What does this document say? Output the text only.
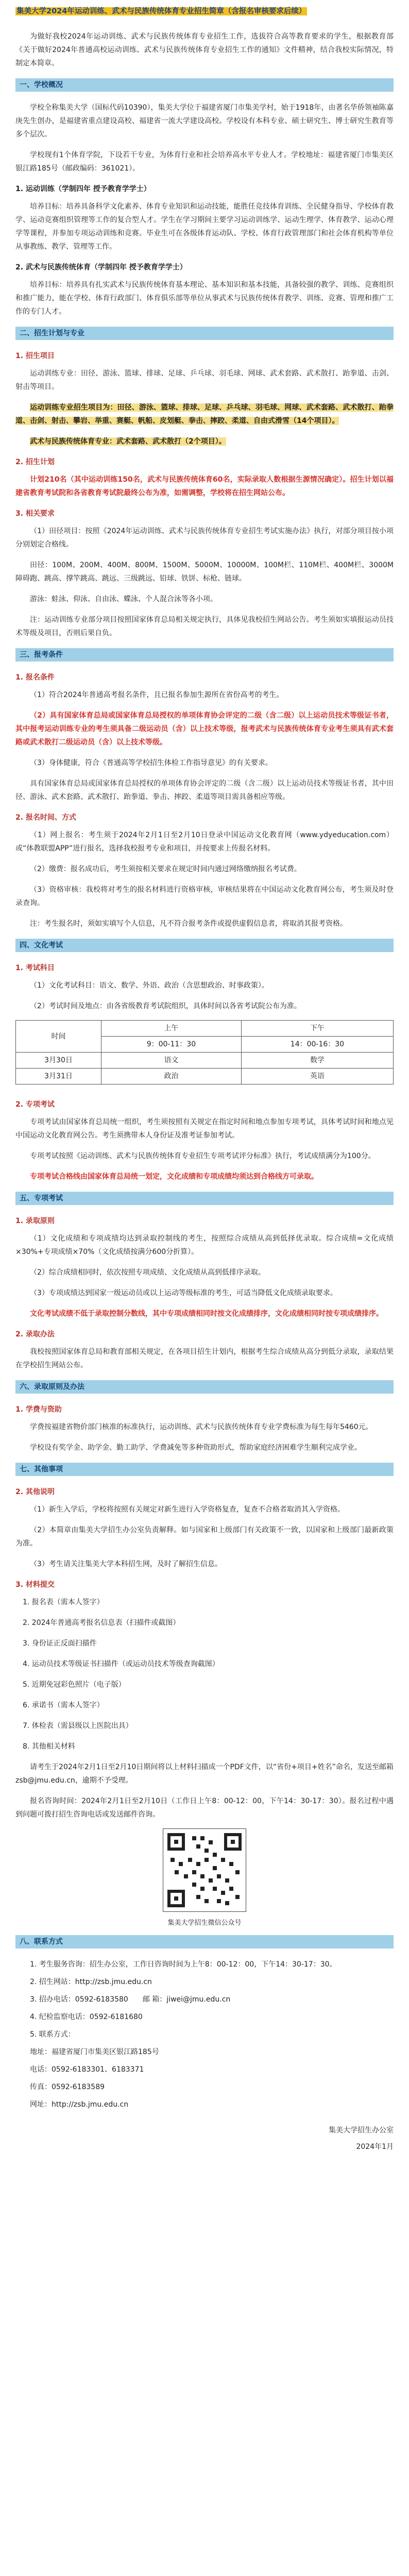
集美大学2024年运动训练、武术与民族传统体育专业招生简章（含报名审核要求后续）

为做好我校2024年运动训练、武术与民族传统体育专业招生工作，选拔符合高等教育要求的学生，根据教育部《关于做好2024年普通高校运动训练、武术与民族传统体育专业招生工作的通知》文件精神，结合我校实际情况，特制定本简章。

一、学校概况

学校全称集美大学（国标代码10390），集美大学位于福建省厦门市集美学村，始于1918年，由著名华侨领袖陈嘉庚先生创办，是福建省重点建设高校、福建省一流大学建设高校。学校设有本科专业、硕士研究生、博士研究生教育等多个层次。

学校现有1个体育学院，下设若干专业，为体育行业和社会培养高水平专业人才。学校地址：福建省厦门市集美区银江路185号（邮政编码：361021）。

1. 运动训练（学制四年 授予教育学学士）

培养目标：培养具备科学文化素养、体育专业知识和运动技能，能胜任竞技体育训练、全民健身指导、学校体育教学、运动竞赛组织管理等工作的复合型人才。学生在学习期间主要学习运动训练学、运动生理学、体育教学、运动心理学等课程，并参加专项运动训练和竞赛。毕业生可在各级体育运动队、学校、体育行政管理部门和社会体育机构等单位从事教练、教学、管理等工作。

2. 武术与民族传统体育（学制四年 授予教育学学士）

培养目标：培养具有扎实武术与民族传统体育基本理论、基本知识和基本技能，具备较强的教学、训练、竞赛组织和推广能力，能在学校、体育行政部门、体育俱乐部等单位从事武术与民族传统体育教学、训练、竞赛、管理和推广工作的专门人才。

二、招生计划与专业
1. 招生项目

运动训练专业：田径、游泳、篮球、排球、足球、乒乓球、羽毛球、网球、武术套路、武术散打、跆拳道、击剑、射击等项目。

运动训练专业招生项目为：田径、游泳、篮球、排球、足球、乒乓球、羽毛球、网球、武术套路、武术散打、跆拳道、击剑、射击、攀岩、举重、赛艇、帆船、皮划艇、拳击、摔跤、柔道、自由式滑雪（14个项目）。

武术与民族传统体育专业：武术套路、武术散打（2个项目）。

2. 招生计划

计划210名（其中运动训练150名，武术与民族传统体育60名，实际录取人数根据生源情况确定）。招生计划以福建省教育考试院和各省教育考试院最终公布为准，如需调整，学校将在招生网站公布。

3. 相关要求

（1）田径项目：按照《2024年运动训练、武术与民族传统体育专业招生考试实施办法》执行，对部分项目按小项分别划定合格线。

田径：100M、200M、400M、800M、1500M、5000M、10000M、100M栏、110M栏、400M栏、3000M障碍跑、跳高、撑竿跳高、跳远、三级跳远、铅球、铁饼、标枪、链球。

游泳：蛙泳、仰泳、自由泳、蝶泳、个人混合泳等各小项。

注：运动训练专业部分项目按照国家体育总局相关规定执行，具体见我校招生网站公告。考生须如实填报运动员技术等级及项目，否则后果自负。

三、报考条件
1. 报名条件

（1）符合2024年普通高考报名条件，且已报名参加生源所在省份高考的考生。

（2）具有国家体育总局或国家体育总局授权的单项体育协会评定的二级（含二级）以上运动员技术等级证书者，其中报考运动训练专业的考生须具备二级运动员（含）以上技术等级，报考武术与民族传统体育专业考生须具有武术套路或武术散打二级运动员（含）以上技术等级。

（3）身体健康，符合《普通高等学校招生体检工作指导意见》的有关要求。

具有国家体育总局或国家体育总局授权的单项体育协会评定的二级（含二级）以上运动员技术等级证书者，其中田径、游泳、武术套路、武术散打、跆拳道、拳击、摔跤、柔道等项目需具备相应等级。

2. 报名时间、方式

（1）网上报名：考生须于2024年2月1日至2月10日登录中国运动文化教育网（www.ydyeducation.com）或“体教联盟APP”进行报名，选择我校报考专业和项目，并按要求上传报名材料。

（2）缴费：报名成功后，考生须按相关要求在规定时间内通过网络缴纳报名考试费。

（3）资格审核：我校将对考生的报名材料进行资格审核，审核结果将在中国运动文化教育网公布，考生须及时登录查询。

注：考生报名时，须如实填写个人信息，凡不符合报考条件或提供虚假信息者，将取消其报考资格。

四、文化考试
1. 考试科目

（1）文化考试科目：语文、数学、外语、政治（含思想政治、时事政策）。

（2）考试时间及地点：由各省级教育考试院组织，具体时间以各省考试院公布为准。

时间	上午	下午
	9：00-11：30	14：00-16：30
3月30日	语文	数学
3月31日	政治	英语
2. 专项考试

专项考试由国家体育总局统一组织，考生须按照有关规定在指定时间和地点参加专项考试，具体考试时间和地点见中国运动文化教育网公告。考生须携带本人身份证及准考证参加考试。

专项考试按照《运动训练、武术与民族传统体育专业招生专项考试评分标准》执行，考试成绩满分为100分。

专项考试合格线由国家体育总局统一划定，文化成绩和专项成绩均须达到合格线方可录取。

五、专项考试
1. 录取原则

（1）文化成绩和专项成绩均达到录取控制线的考生，按照综合成绩从高到低择优录取。综合成绩=文化成绩×30%+专项成绩×70%（文化成绩按满分600分折算）。

（2）综合成绩相同时，依次按照专项成绩、文化成绩从高到低排序录取。

（3）专项成绩达到国家一级运动员或以上运动等级标准的考生，可适当降低文化成绩录取要求。

文化考试成绩不低于录取控制分数线，其中专项成绩相同时按文化成绩排序，文化成绩相同时按专项成绩排序。

2. 录取办法

我校按照国家体育总局和教育部相关规定，在各项目招生计划内，根据考生综合成绩从高分到低分录取，录取结果在学校招生网站公布。

六、录取原则及办法
1. 学费与资助

学费按福建省物价部门核准的标准执行，运动训练、武术与民族传统体育专业学费标准为每生每年5460元。

学校设有奖学金、助学金、勤工助学、学费减免等多种资助形式，帮助家庭经济困难学生顺利完成学业。

七、其他事项
2. 其他说明

（1）新生入学后，学校将按照有关规定对新生进行入学资格复查，复查不合格者取消其入学资格。

（2）本简章由集美大学招生办公室负责解释。如与国家和上级部门有关政策不一致，以国家和上级部门最新政策为准。

（3）考生请关注集美大学本科招生网，及时了解招生信息。

3. 材料提交

1. 报名表（需本人签字）

2. 2024年普通高考报名信息表（扫描件或截图）

3. 身份证正反面扫描件

4. 运动员技术等级证书扫描件（或运动员技术等级查询截图）

5. 近期免冠彩色照片（电子版）

6. 承诺书（需本人签字）

7. 体检表（需县级以上医院出具）

8. 其他相关材料

请考生于2024年2月1日至2月10日期间将以上材料扫描成一个PDF文件，以“省份+项目+姓名”命名，发送至邮箱zsb@jmu.edu.cn，逾期不予受理。

报名咨询时间：2024年2月1日至2月10日（工作日上午8：00-12：00，下午14：30-17：30）。报名过程中遇到问题可拨打招生咨询电话或发送邮件咨询。

集美大学招生微信公众号
八、联系方式

1. 考生服务咨询：招生办公室，工作日咨询时间为上午8：00-12：00，下午14：30-17：30。

2. 招生网站：http://zsb.jmu.edu.cn

3. 招办电话：0592-6183580　　邮 箱：jiwei@jmu.edu.cn

4. 纪检监察电话：0592-6181680

5. 联系方式：

地址：福建省厦门市集美区银江路185号

电话：0592-6183301、6183371

传真：0592-6183589

网址：http://zsb.jmu.edu.cn

集美大学招生办公室
2024年1月
